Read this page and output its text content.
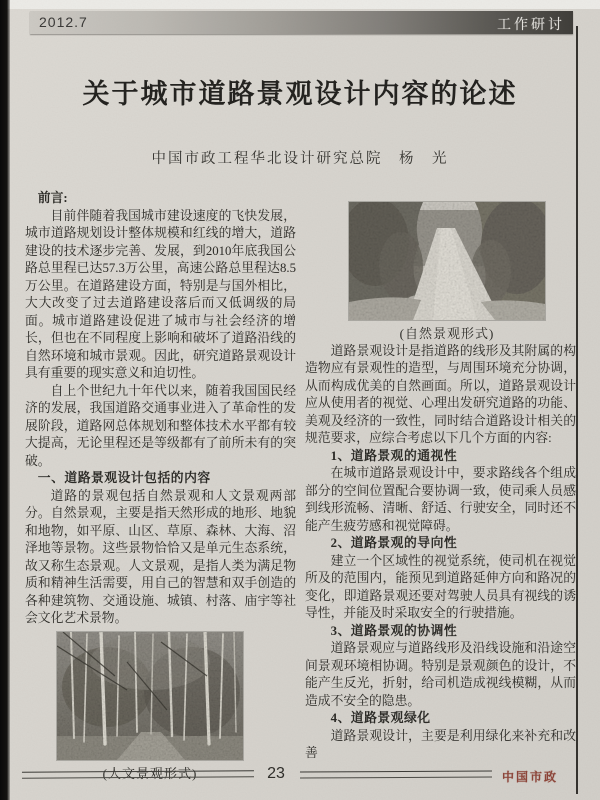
2012.7	工作研讨
关于城市道路景观设计内容的论述
中国市政工程华北设计研究总院　杨　光

前言:

目前伴随着我国城市建设速度的飞快发展，城市道路规划设计整体规模和红线的增大，道路建设的技术逐步完善、发展，到2010年底我国公路总里程已达57.3万公里，高速公路总里程达8.5万公里。在道路建设方面，特别是与国外相比，大大改变了过去道路建设落后而又低调级的局面。城市道路建设促进了城市与社会经济的增长，但也在不同程度上影响和破坏了道路沿线的自然环境和城市景观。因此，研究道路景观设计具有重要的现实意义和迫切性。

自上个世纪九十年代以来，随着我国国民经济的发展，我国道路交通事业进入了革命性的发展阶段，道路网总体规划和整体技术水平都有较大提高，无论里程还是等级都有了前所未有的突破。

一、道路景观设计包括的内容

道路的景观包括自然景观和人文景观两部分。自然景观，主要是指天然形成的地形、地貌和地物，如平原、山区、草原、森林、大海、沼泽地等景物。这些景物恰恰又是单元生态系统，故又称生态景观。人文景观，是指人类为满足物质和精神生活需要，用自己的智慧和双手创造的各种建筑物、交通设施、城镇、村落、庙宇等社会文化艺术景物。

(人文景观形式)
(自然景观形式)

道路景观设计是指道路的线形及其附属的构造物应有景观性的造型，与周围环境充分协调，从而构成优美的自然画面。所以，道路景观设计应从使用者的视觉、心理出发研究道路的功能、美观及经济的一致性，同时结合道路设计相关的规范要求，应综合考虑以下几个方面的内容:

1、道路景观的通视性

在城市道路景观设计中，要求路线各个组成部分的空间位置配合要协调一致，使司乘人员感到线形流畅、清晰、舒适、行驶安全，同时还不能产生疲劳感和视觉障碍。

2、道路景观的导向性

建立一个区域性的视觉系统，使司机在视觉所及的范围内，能预见到道路延伸方向和路况的变化，即道路景观还要对驾驶人员具有视线的诱导性，并能及时采取安全的行驶措施。

3、道路景观的协调性

道路景观应与道路线形及沿线设施和沿途空间景观环境相协调。特别是景观颜色的设计，不能产生反光，折射，给司机造成视线模糊，从而造成不安全的隐患。

4、道路景观绿化

道路景观设计，主要是利用绿化来补充和改善

23	中国市政
